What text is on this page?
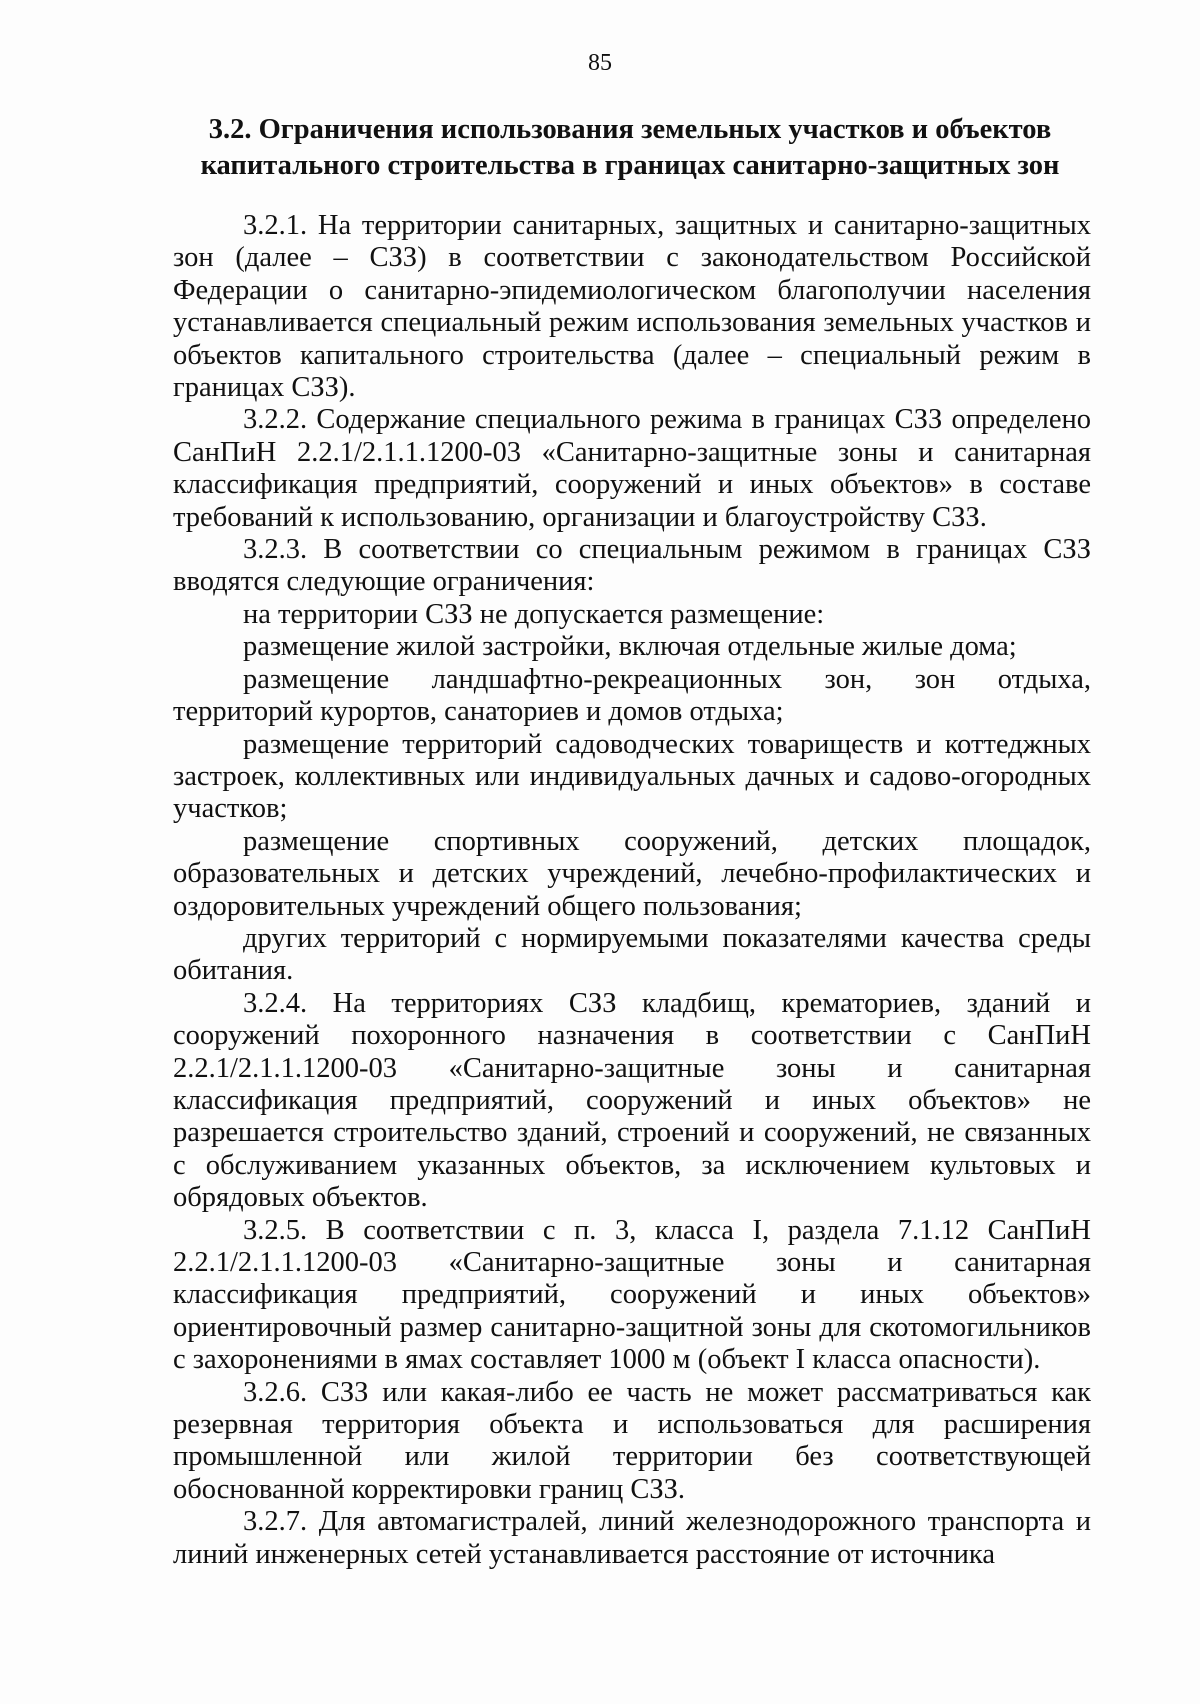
85
3.2. Ограничения использования земельных участков и объектов
капитального строительства в границах санитарно-защитных зон

3.2.1. На территории санитарных, защитных и санитарно-защитных зон (далее – СЗЗ) в соответствии с законодательством Российской Федерации о санитарно-эпидемиологическом благополучии населения устанавливается специальный режим использования земельных участков и объектов капитального строительства (далее – специальный режим в границах СЗЗ).

3.2.2. Содержание специального режима в границах СЗЗ определено СанПиН 2.2.1/2.1.1.1200-03 «Санитарно-защитные зоны и санитарная классификация предприятий, сооружений и иных объектов» в составе требований к использованию, организации и благоустройству СЗЗ.

3.2.3. В соответствии со специальным режимом в границах СЗЗ вводятся следующие ограничения:

на территории СЗЗ не допускается размещение:

размещение жилой застройки, включая отдельные жилые дома;

размещение ландшафтно-рекреационных зон, зон отдыха, территорий курортов, санаториев и домов отдыха;

размещение территорий садоводческих товариществ и коттеджных застроек, коллективных или индивидуальных дачных и садово-огородных участков;

размещение спортивных сооружений, детских площадок, образовательных и детских учреждений, лечебно-профилактических и оздоровительных учреждений общего пользования;

других территорий с нормируемыми показателями качества среды обитания.

3.2.4. На территориях СЗЗ кладбищ, крематориев, зданий и сооружений похоронного назначения в соответствии с СанПиН 2.2.1/2.1.1.1200-03 «Санитарно-защитные зоны и санитарная классификация предприятий, сооружений и иных объектов» не разрешается строительство зданий, строений и сооружений, не связанных с обслуживанием указанных объектов, за исключением культовых и обрядовых объектов.

3.2.5. В соответствии с п. 3, класса I, раздела 7.1.12 СанПиН 2.2.1/2.1.1.1200-03 «Санитарно-защитные зоны и санитарная классификация предприятий, сооружений и иных объектов» ориентировочный размер санитарно-защитной зоны для скотомогильников с захоронениями в ямах составляет 1000 м (объект I класса опасности).

3.2.6. СЗЗ или какая-либо ее часть не может рассматриваться как резервная территория объекта и использоваться для расширения промышленной или жилой территории без соответствующей обоснованной корректировки границ СЗЗ.

3.2.7. Для автомагистралей, линий железнодорожного транспорта и линий инженерных сетей устанавливается расстояние от источника
